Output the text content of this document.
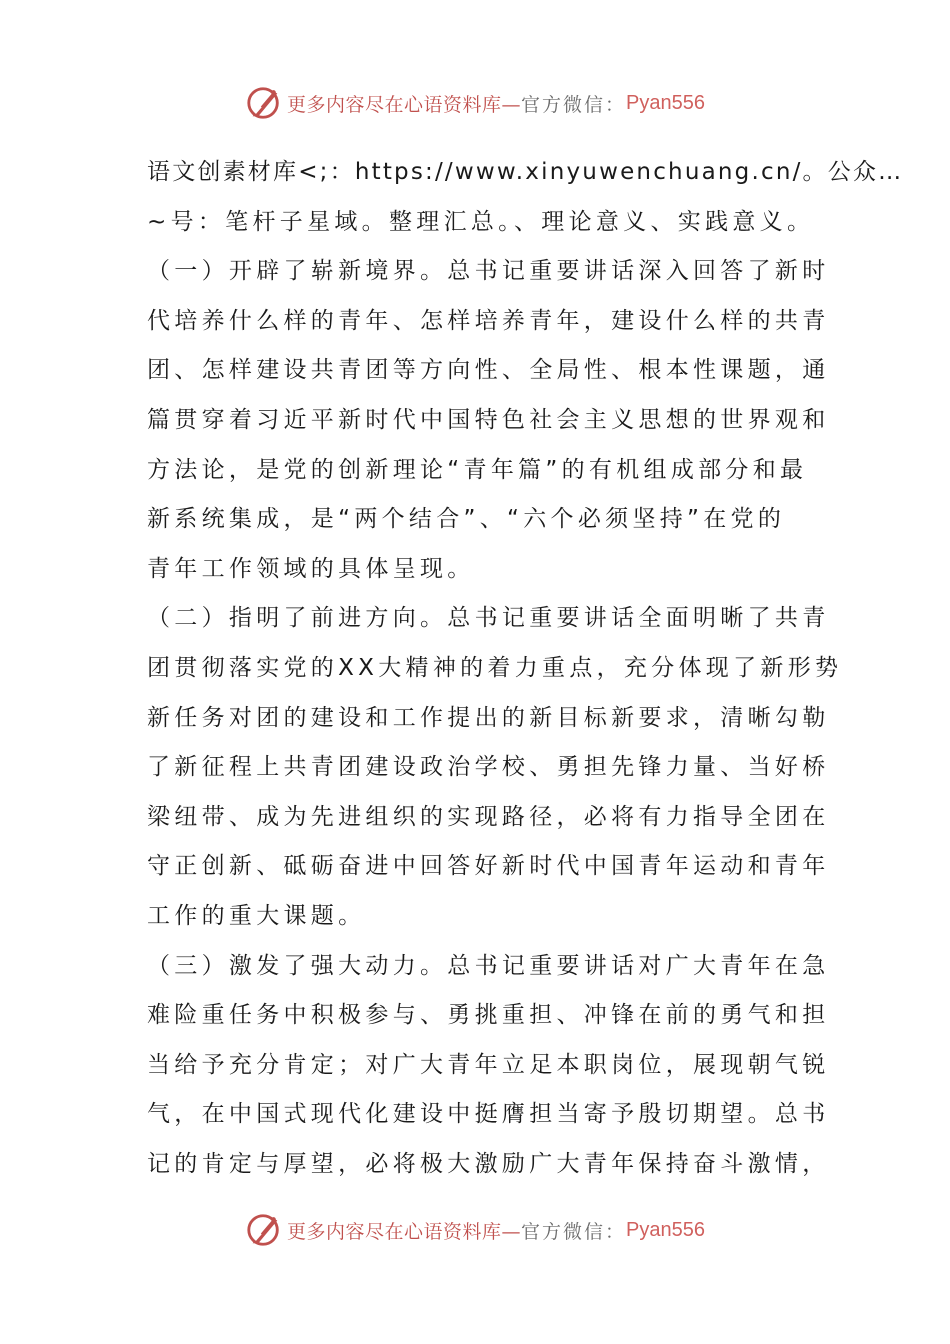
更多内容尽在心语资料库— 官方微信： Pyan556
语文创素材库<;：https://www.xinyuwenchuang.cn/。公众…
~号：笔杆子星域。整理汇总。、理论意义、实践意义。
（一）开辟了崭新境界。总书记重要讲话深入回答了新时
代培养什么样的青年、怎样培养青年，建设什么样的共青
团、怎样建设共青团等方向性、全局性、根本性课题，通
篇贯穿着习近平新时代中国特色社会主义思想的世界观和
方法论，是党的创新理论“青年篇”的有机组成部分和最
新系统集成，是“两个结合”、“六个必须坚持”在党的
青年工作领域的具体呈现。
（二）指明了前进方向。总书记重要讲话全面明晰了共青
团贯彻落实党的XX大精神的着力重点，充分体现了新形势
新任务对团的建设和工作提出的新目标新要求，清晰勾勒
了新征程上共青团建设政治学校、勇担先锋力量、当好桥
梁纽带、成为先进组织的实现路径，必将有力指导全团在
守正创新、砥砺奋进中回答好新时代中国青年运动和青年
工作的重大课题。
（三）激发了强大动力。总书记重要讲话对广大青年在急
难险重任务中积极参与、勇挑重担、冲锋在前的勇气和担
当给予充分肯定；对广大青年立足本职岗位，展现朝气锐
气，在中国式现代化建设中挺膺担当寄予殷切期望。总书
记的肯定与厚望，必将极大激励广大青年保持奋斗激情，
更多内容尽在心语资料库— 官方微信： Pyan556
